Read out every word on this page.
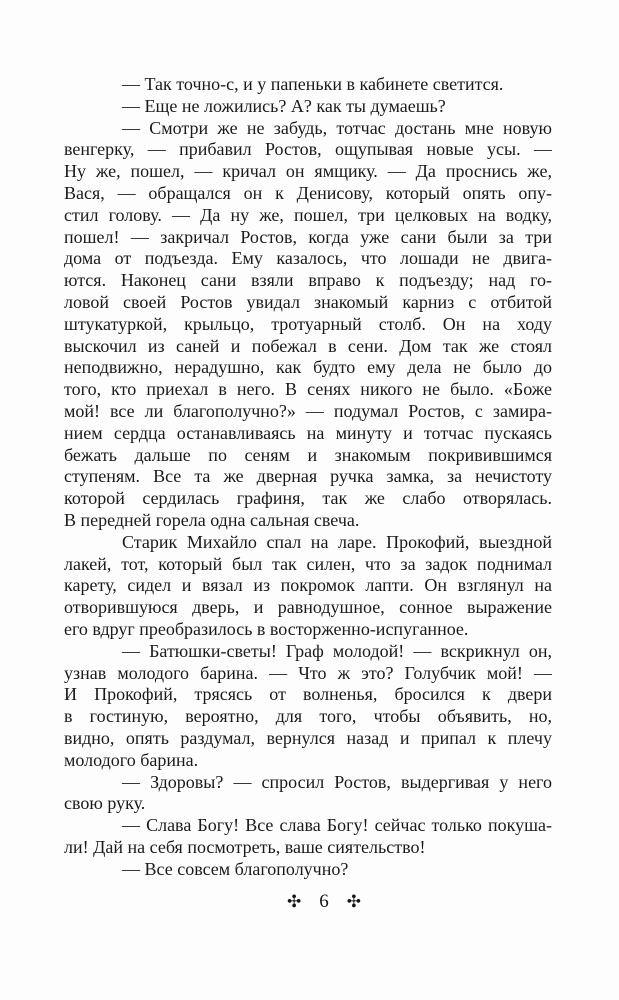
— Так точно-с, и у папеньки в кабинете светится.
— Еще не ложились? А? как ты думаешь?
— Смотри же не забудь, тотчас достань мне новую
венгерку, — прибавил Ростов, ощупывая новые усы. —
Ну же, пошел, — кричал он ямщику. — Да проснись же,
Вася, — обращался он к Денисову, который опять опу-
стил голову. — Да ну же, пошел, три целковых на водку,
пошел! — закричал Ростов, когда уже сани были за три
дома от подъезда. Ему казалось, что лошади не двига-
ются. Наконец сани взяли вправо к подъезду; над го-
ловой своей Ростов увидал знакомый карниз с отбитой
штукатуркой, крыльцо, тротуарный столб. Он на ходу
выскочил из саней и побежал в сени. Дом так же стоял
неподвижно, нерадушно, как будто ему дела не было до
того, кто приехал в него. В сенях никого не было. «Боже
мой! все ли благополучно?» — подумал Ростов, с замира-
нием сердца останавливаясь на минуту и тотчас пускаясь
бежать дальше по сеням и знакомым покривившимся
ступеням. Все та же дверная ручка замка, за нечистоту
которой сердилась графиня, так же слабо отворялась.
В передней горела одна сальная свеча.
Старик Михайло спал на ларе. Прокофий, выездной
лакей, тот, который был так силен, что за задок поднимал
карету, сидел и вязал из покромок лапти. Он взглянул на
отворившуюся дверь, и равнодушное, сонное выражение
его вдруг преобразилось в восторженно-испуганное.
— Батюшки-светы! Граф молодой! — вскрикнул он,
узнав молодого барина. — Что ж это? Голубчик мой! —
И Прокофий, трясясь от волненья, бросился к двери
в гостиную, вероятно, для того, чтобы объявить, но,
видно, опять раздумал, вернулся назад и припал к плечу
молодого барина.
— Здоровы? — спросил Ростов, выдергивая у него
свою руку.
— Слава Богу! Все слава Богу! сейчас только покуша-
ли! Дай на себя посмотреть, ваше сиятельство!
— Все совсем благополучно?
✣ 6 ✣
